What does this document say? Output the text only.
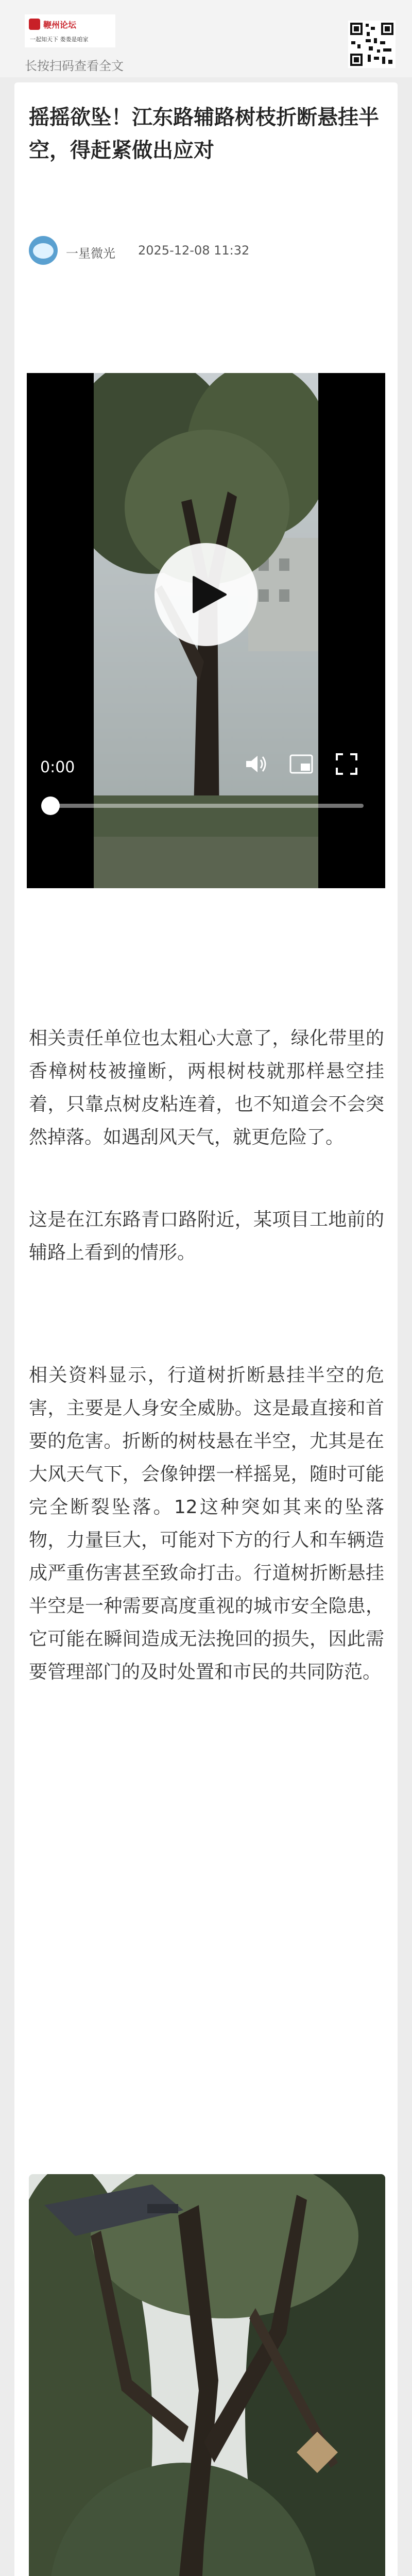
鞭州论坛
一起知天下 娄娄是咱家
长按扫码查看全文
摇摇欲坠！江东路辅路树枝折断悬挂半空，得赶紧做出应对
一星微光 2025-12-08 11:32
0:00
相关责任单位也太粗心大意了，绿化带里的香樟树枝被撞断，两根树枝就那样悬空挂着，只靠点树皮粘连着，也不知道会不会突然掉落。如遇刮风天气，就更危险了。
这是在江东路青口路附近，某项目工地前的辅路上看到的情形。
相关资料显示，行道树折断悬挂半空的危害，主要是人身安全威胁。这是最直接和首要的危害。折断的树枝悬在半空，尤其是在大风天气下，会像钟摆一样摇晃，随时可能完全断裂坠落。12这种突如其来的坠落物，力量巨大，可能对下方的行人和车辆造成严重伤害甚至致命打击。行道树折断悬挂半空是一种需要高度重视的城市安全隐患，它可能在瞬间造成无法挽回的损失，因此需要管理部门的及时处置和市民的共同防范。
